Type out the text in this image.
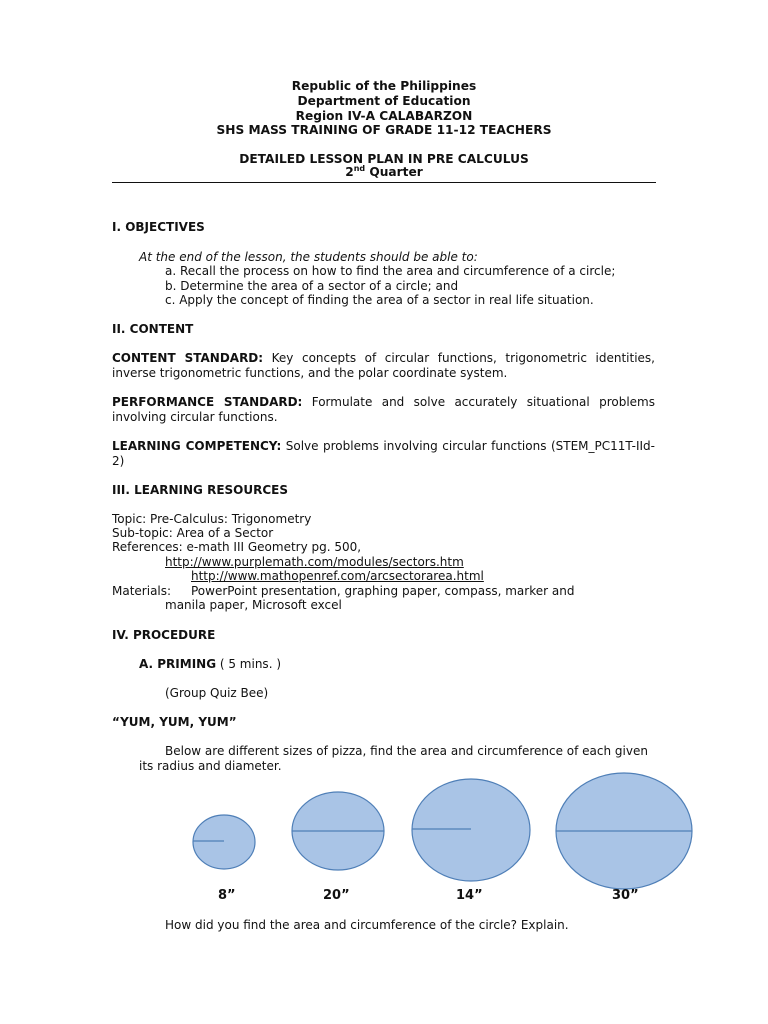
Republic of the Philippines
Department of Education
Region IV-A CALABARZON
SHS MASS TRAINING OF GRADE 11-12 TEACHERS
DETAILED LESSON PLAN IN PRE CALCULUS
2nd Quarter
I. OBJECTIVES
At the end of the lesson, the students should be able to:
a. Recall the process on how to find the area and circumference of a circle;
b. Determine the area of a sector of a circle; and
c. Apply the concept of finding the area of a sector in real life situation.
II. CONTENT
CONTENT STANDARD: Key concepts of circular functions, trigonometric identities, inverse trigonometric functions, and the polar coordinate system.
PERFORMANCE STANDARD: Formulate and solve accurately situational problems involving circular functions.
LEARNING COMPETENCY: Solve problems involving circular functions (STEM_PC11T-IId-2)
III. LEARNING RESOURCES
Topic: Pre-Calculus: Trigonometry
Sub-topic: Area of a Sector
References: e-math III Geometry pg. 500,
http://www.purplemath.com/modules/sectors.htm
http://www.mathopenref.com/arcsectorarea.html
Materials: PowerPoint presentation, graphing paper, compass, marker and
manila paper, Microsoft excel
IV. PROCEDURE
A. PRIMING ( 5 mins. )
(Group Quiz Bee)
“YUM, YUM, YUM”
Below are different sizes of pizza, find the area and circumference of each given its radius and diameter.
8”	20”	14”	30”
How did you find the area and circumference of the circle? Explain.
